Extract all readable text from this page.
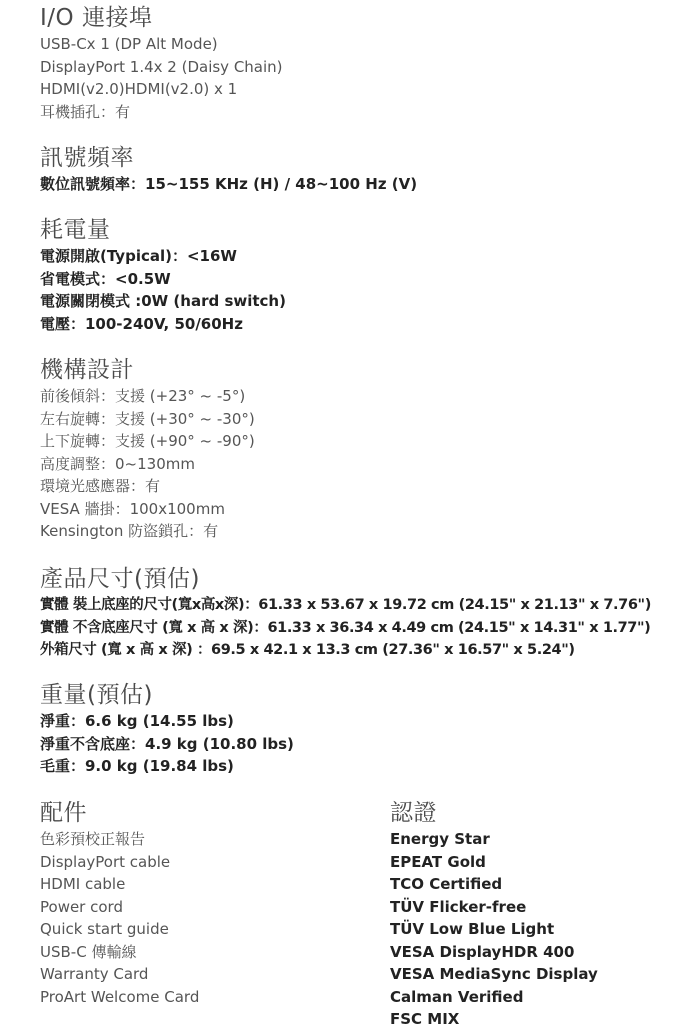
I/O 連接埠
USB-Cx 1 (DP Alt Mode)
DisplayPort 1.4x 2 (Daisy Chain)
HDMI(v2.0)HDMI(v2.0) x 1
耳機插孔：有
訊號頻率
數位訊號頻率：15~155 KHz (H) / 48~100 Hz (V)
耗電量
電源開啟(Typical)：<16W
省電模式：<0.5W
電源關閉模式 :0W (hard switch)
電壓：100-240V, 50/60Hz
機構設計
前後傾斜：支援 (+23° ~ -5°)
左右旋轉：支援 (+30° ~ -30°)
上下旋轉：支援 (+90° ~ -90°)
高度調整：0~130mm
環境光感應器：有
VESA 牆掛：100x100mm
Kensington 防盜鎖孔：有
產品尺寸(預估)
實體 裝上底座的尺寸(寬x高x深)：61.33 x 53.67 x 19.72 cm (24.15" x 21.13" x 7.76")
實體 不含底座尺寸 (寬 x 高 x 深)：61.33 x 36.34 x 4.49 cm (24.15" x 14.31" x 1.77")
外箱尺寸 (寬 x 高 x 深) ：69.5 x 42.1 x 13.3 cm (27.36" x 16.57" x 5.24")
重量(預估)
淨重：6.6 kg (14.55 lbs)
淨重不含底座：4.9 kg (10.80 lbs)
毛重：9.0 kg (19.84 lbs)
配件
色彩預校正報告
DisplayPort cable
HDMI cable
Power cord
Quick start guide
USB-C 傳輸線
Warranty Card
ProArt Welcome Card
認證
Energy Star
EPEAT Gold
TCO Certified
TÜV Flicker-free
TÜV Low Blue Light
VESA DisplayHDR 400
VESA MediaSync Display
Calman Verified
FSC MIX
